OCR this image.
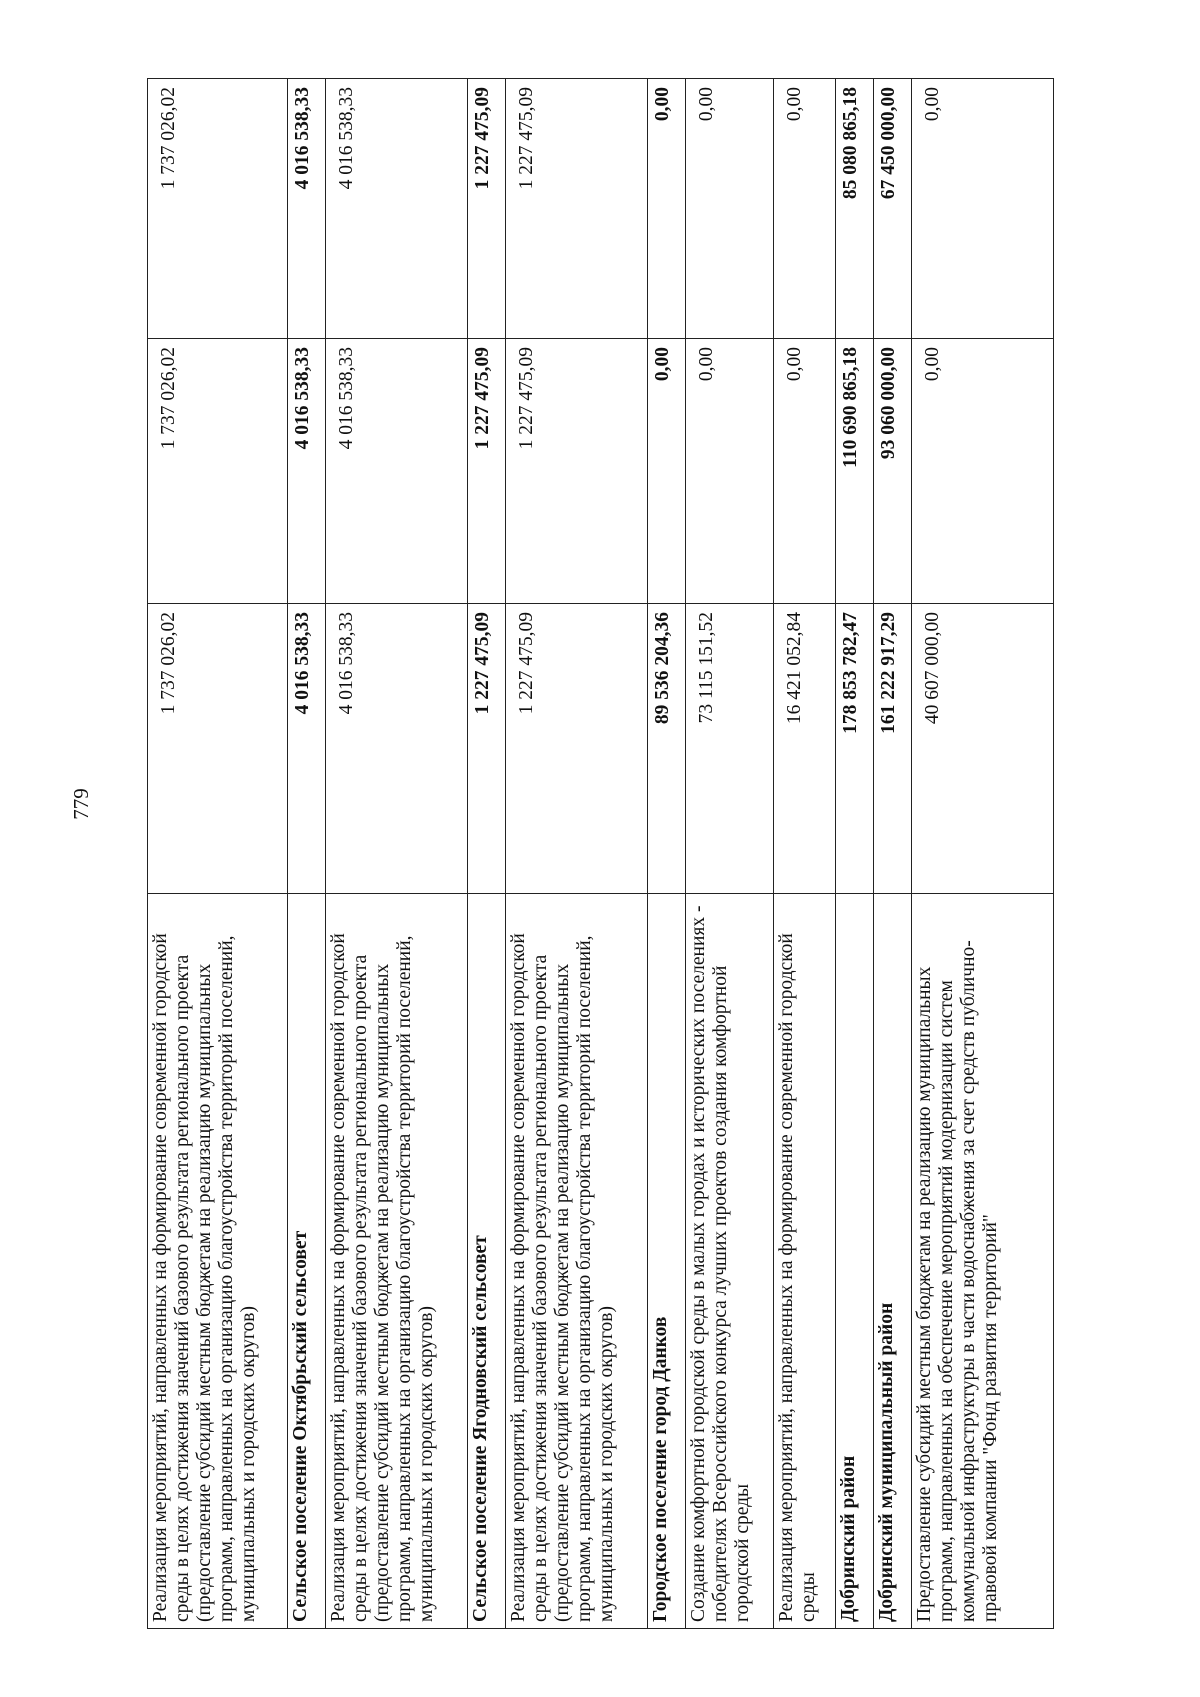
779
Реализация мероприятий, направленных на формирование современной городской среды в целях достижения значений базового результата регионального проекта (предоставление субсидий местным бюджетам на реализацию муниципальных программ, направленных на организацию благоустройства территорий поселений, муниципальных и городских округов)	1 737 026,02	1 737 026,02	1 737 026,02
Сельское поселение Октябрьский сельсовет	4 016 538,33	4 016 538,33	4 016 538,33
Реализация мероприятий, направленных на формирование современной городской среды в целях достижения значений базового результата регионального проекта (предоставление субсидий местным бюджетам на реализацию муниципальных программ, направленных на организацию благоустройства территорий поселений, муниципальных и городских округов)	4 016 538,33	4 016 538,33	4 016 538,33
Сельское поселение Ягодновский сельсовет	1 227 475,09	1 227 475,09	1 227 475,09
Реализация мероприятий, направленных на формирование современной городской среды в целях достижения значений базового результата регионального проекта (предоставление субсидий местным бюджетам на реализацию муниципальных программ, направленных на организацию благоустройства территорий поселений, муниципальных и городских округов)	1 227 475,09	1 227 475,09	1 227 475,09
Городское поселение город Данков	89 536 204,36	0,00	0,00
Создание комфортной городской среды в малых городах и исторических поселениях - победителях Всероссийского конкурса лучших проектов создания комфортной городской среды	73 115 151,52	0,00	0,00
Реализация мероприятий, направленных на формирование современной городской среды	16 421 052,84	0,00	0,00
Добринский район	178 853 782,47	110 690 865,18	85 080 865,18
Добринский муниципальный район	161 222 917,29	93 060 000,00	67 450 000,00
Предоставление субсидий местным бюджетам на реализацию муниципальных программ, направленных на обеспечение мероприятий модернизации систем коммунальной инфраструктуры в части водоснабжения за счет средств публично-правовой компании "Фонд развития территорий"	40 607 000,00	0,00	0,00
